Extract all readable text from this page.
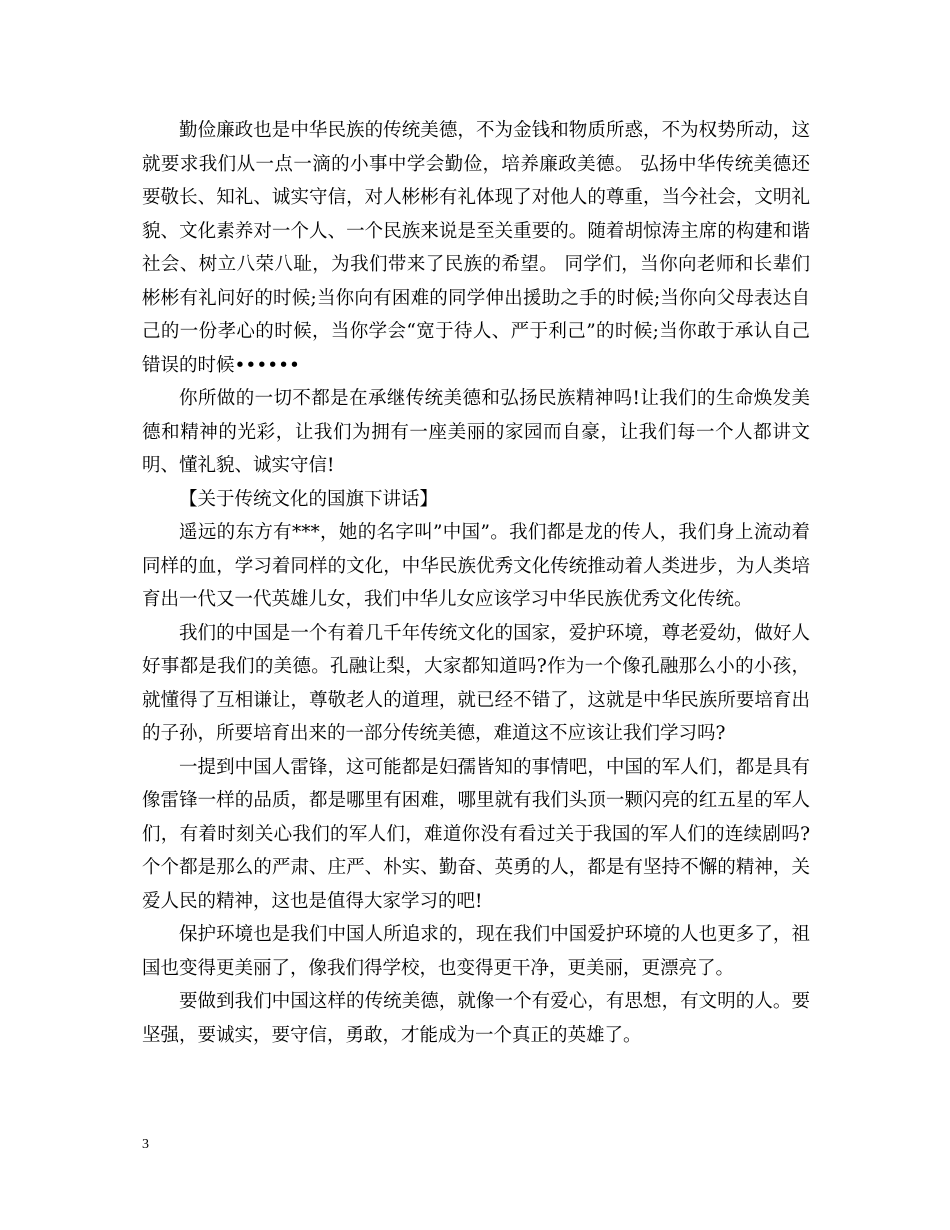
勤俭廉政也是中华民族的传统美德，不为金钱和物质所惑，不为权势所动，这就要求我们从一点一滴的小事中学会勤俭，培养廉政美德。 弘扬中华传统美德还要敬长、知礼、诚实守信，对人彬彬有礼体现了对他人的尊重，当今社会，文明礼貌、文化素养对一个人、一个民族来说是至关重要的。随着胡惊涛主席的构建和谐社会、树立八荣八耻，为我们带来了民族的希望。 同学们，当你向老师和长辈们彬彬有礼问好的时候;当你向有困难的同学伸出援助之手的时候;当你向父母表达自己的一份孝心的时候，当你学会“宽于待人、严于利己”的时候;当你敢于承认自己错误的时候••••••

你所做的一切不都是在承继传统美德和弘扬民族精神吗!让我们的生命焕发美德和精神的光彩，让我们为拥有一座美丽的家园而自豪，让我们每一个人都讲文明、懂礼貌、诚实守信!

【关于传统文化的国旗下讲话】

遥远的东方有***，她的名字叫”中国”。我们都是龙的传人，我们身上流动着同样的血，学习着同样的文化，中华民族优秀文化传统推动着人类进步，为人类培育出一代又一代英雄儿女，我们中华儿女应该学习中华民族优秀文化传统。

我们的中国是一个有着几千年传统文化的国家，爱护环境，尊老爱幼，做好人好事都是我们的美德。孔融让梨，大家都知道吗?作为一个像孔融那么小的小孩，就懂得了互相谦让，尊敬老人的道理，就已经不错了，这就是中华民族所要培育出的子孙，所要培育出来的一部分传统美德，难道这不应该让我们学习吗?

一提到中国人雷锋，这可能都是妇孺皆知的事情吧，中国的军人们，都是具有像雷锋一样的品质，都是哪里有困难，哪里就有我们头顶一颗闪亮的红五星的军人们，有着时刻关心我们的军人们，难道你没有看过关于我国的军人们的连续剧吗?个个都是那么的严肃、庄严、朴实、勤奋、英勇的人，都是有坚持不懈的精神，关爱人民的精神，这也是值得大家学习的吧!

保护环境也是我们中国人所追求的，现在我们中国爱护环境的人也更多了，祖国也变得更美丽了，像我们得学校，也变得更干净，更美丽，更漂亮了。

要做到我们中国这样的传统美德，就像一个有爱心，有思想，有文明的人。要坚强，要诚实，要守信，勇敢，才能成为一个真正的英雄了。

3
